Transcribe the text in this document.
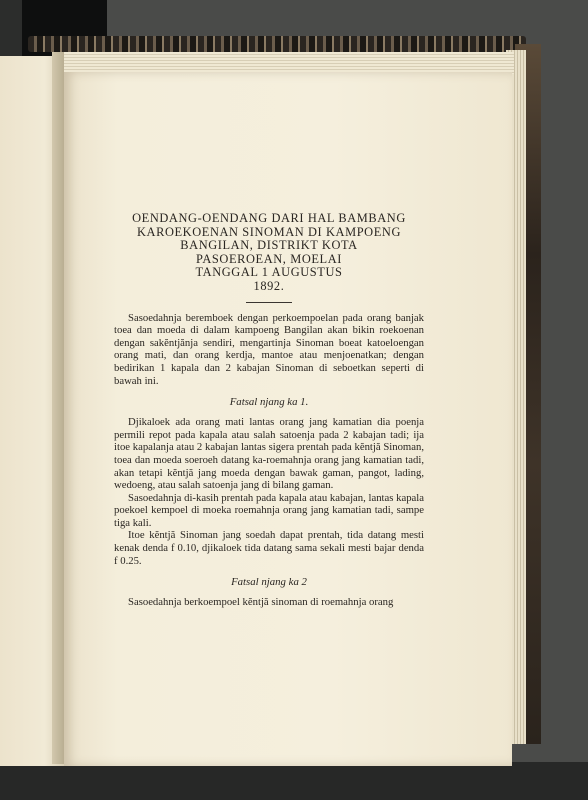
OENDANG-OENDANG DARI HAL BAMBANG
KAROEKOENAN SINOMAN DI KAMPOENG
BANGILAN, DISTRIKT KOTA
PASOEROEAN, MOELAI
TANGGAL 1 AUGUSTUS
1892.

Sasoedahnja beremboek dengan perkoempoelan pada orang banjak toea dan moeda di dalam kampoeng Bangilan akan bikin roekoenan dengan sakĕntjănja sendiri, mengartinja Sinoman boeat katoeloengan orang mati, dan orang kerdja, mantoe atau menjoenatkan; dengan bedirikan 1 kapala dan 2 kabajan Sinoman di seboetkan seperti di bawah ini.

Fatsal njang ka 1.

Djikaloek ada orang mati lantas orang jang kamatian dia poenja permili repot pada kapala atau salah satoenja pada 2 kabajan tadi; ija itoe kapalanja atau 2 kabajan lantas sigera prentah pada kĕntjă Sinoman, toea dan moeda soeroeh datang ka-roemahnja orang jang kamatian tadi, akan tetapi kĕntjă jang moeda dengan bawak gaman, pangot, lading, wedoeng, atau salah satoenja jang di bilang gaman.

Sasoedahnja di-kasih prentah pada kapala atau kabajan, lantas kapala poekoel kempoel di moeka roemahnja orang jang kamatian tadi, sampe tiga kali.

Itoe kĕntjă Sinoman jang soedah dapat prentah, tida datang mesti kenak denda f 0.10, djikaloek tida datang sama sekali mesti bajar denda f 0.25.

Fatsal njang ka 2

Sasoedahnja berkoempoel kĕntjă sinoman di roemahnja orang
